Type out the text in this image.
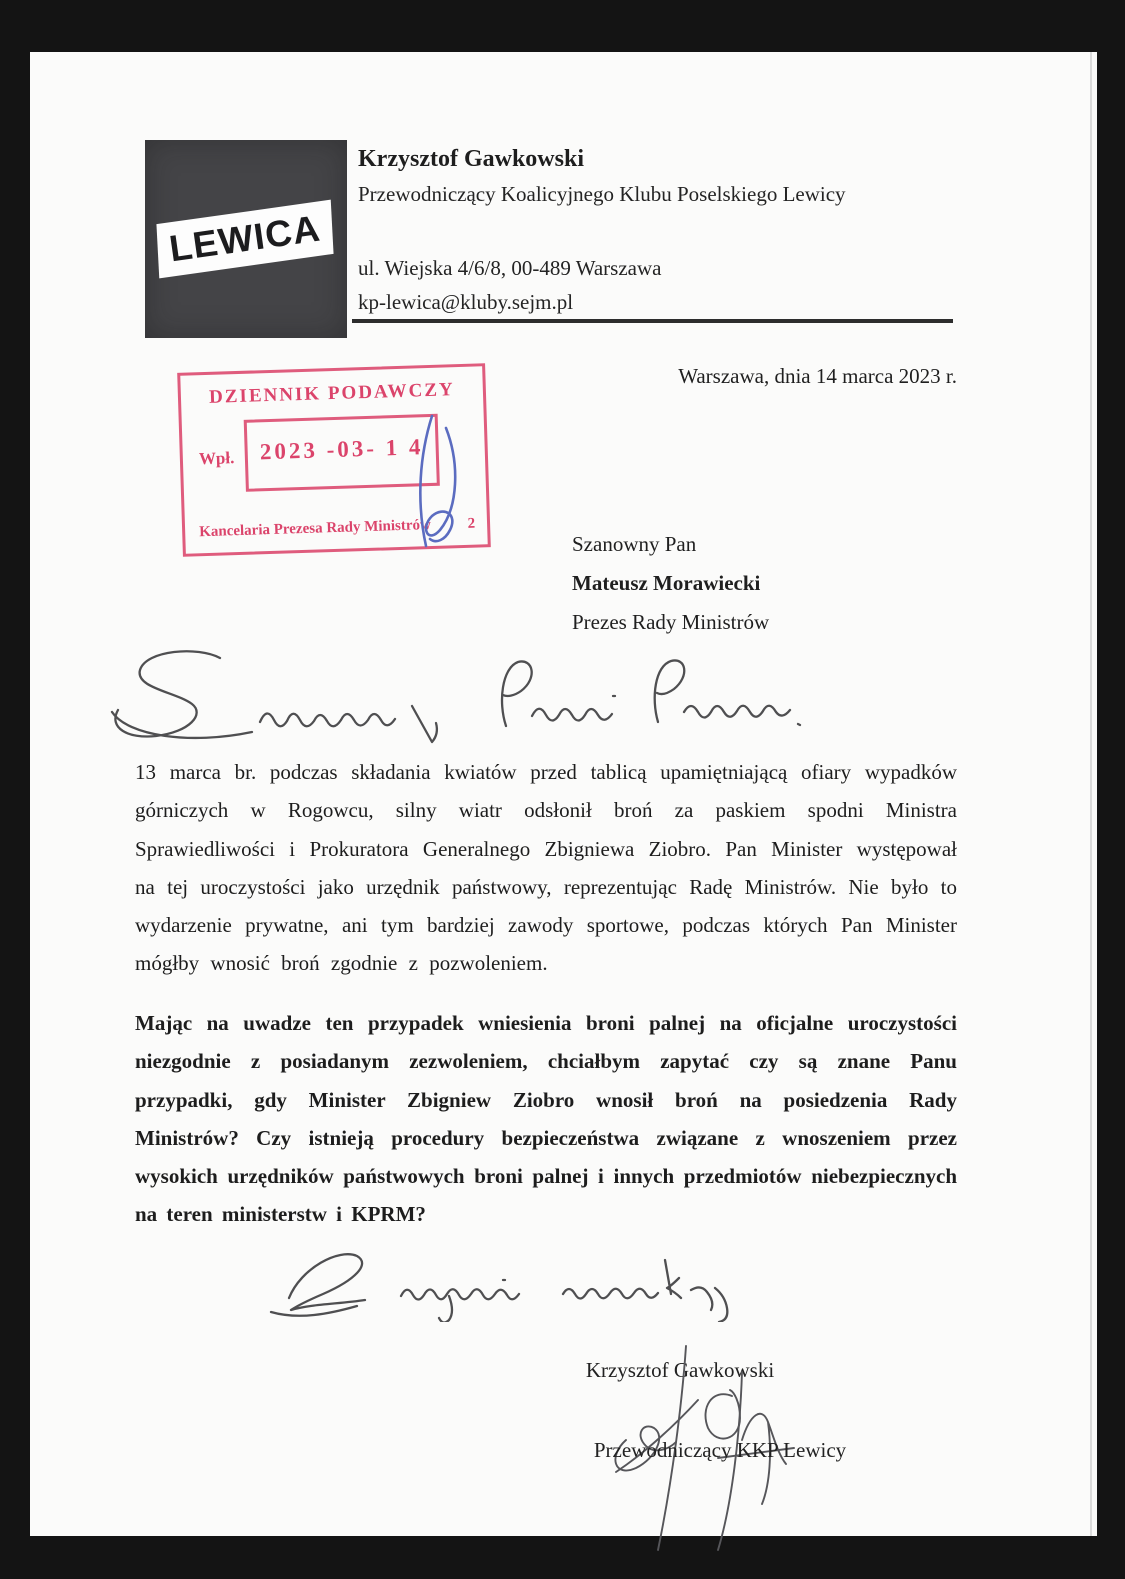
LEWICA
Krzysztof Gawkowski
Przewodniczący Koalicyjnego Klubu Poselskiego Lewicy
ul. Wiejska 4/6/8, 00-489 Warszawa
kp-lewica@kluby.sejm.pl
Warszawa, dnia 14 marca 2023 r.
DZIENNIK PODAWCZY
Wpł.	2023 -03- 1 4
Kancelaria Prezesa Rady Ministrów 2
Szanowny Pan
Mateusz Morawiecki
Prezes Rady Ministrów
13 marca br. podczas składania kwiatów przed tablicą upamiętniającą ofiary wypadków górniczych w Rogowcu, silny wiatr odsłonił broń za paskiem spodni Ministra Sprawiedliwości i Prokuratora Generalnego Zbigniewa Ziobro. Pan Minister występował na tej uroczystości jako urzędnik państwowy, reprezentując Radę Ministrów. Nie było to wydarzenie prywatne, ani tym bardziej zawody sportowe, podczas których Pan Minister mógłby wnosić broń zgodnie z pozwoleniem.
Mając na uwadze ten przypadek wniesienia broni palnej na oficjalne uroczystości niezgodnie z posiadanym zezwoleniem, chciałbym zapytać czy są znane Panu przypadki, gdy Minister Zbigniew Ziobro wnosił broń na posiedzenia Rady Ministrów? Czy istnieją procedury bezpieczeństwa związane z wnoszeniem przez wysokich urzędników państwowych broni palnej i innych przedmiotów niebezpiecznych na teren ministerstw i KPRM?
Krzysztof Gawkowski
Przewodniczący KKP Lewicy
